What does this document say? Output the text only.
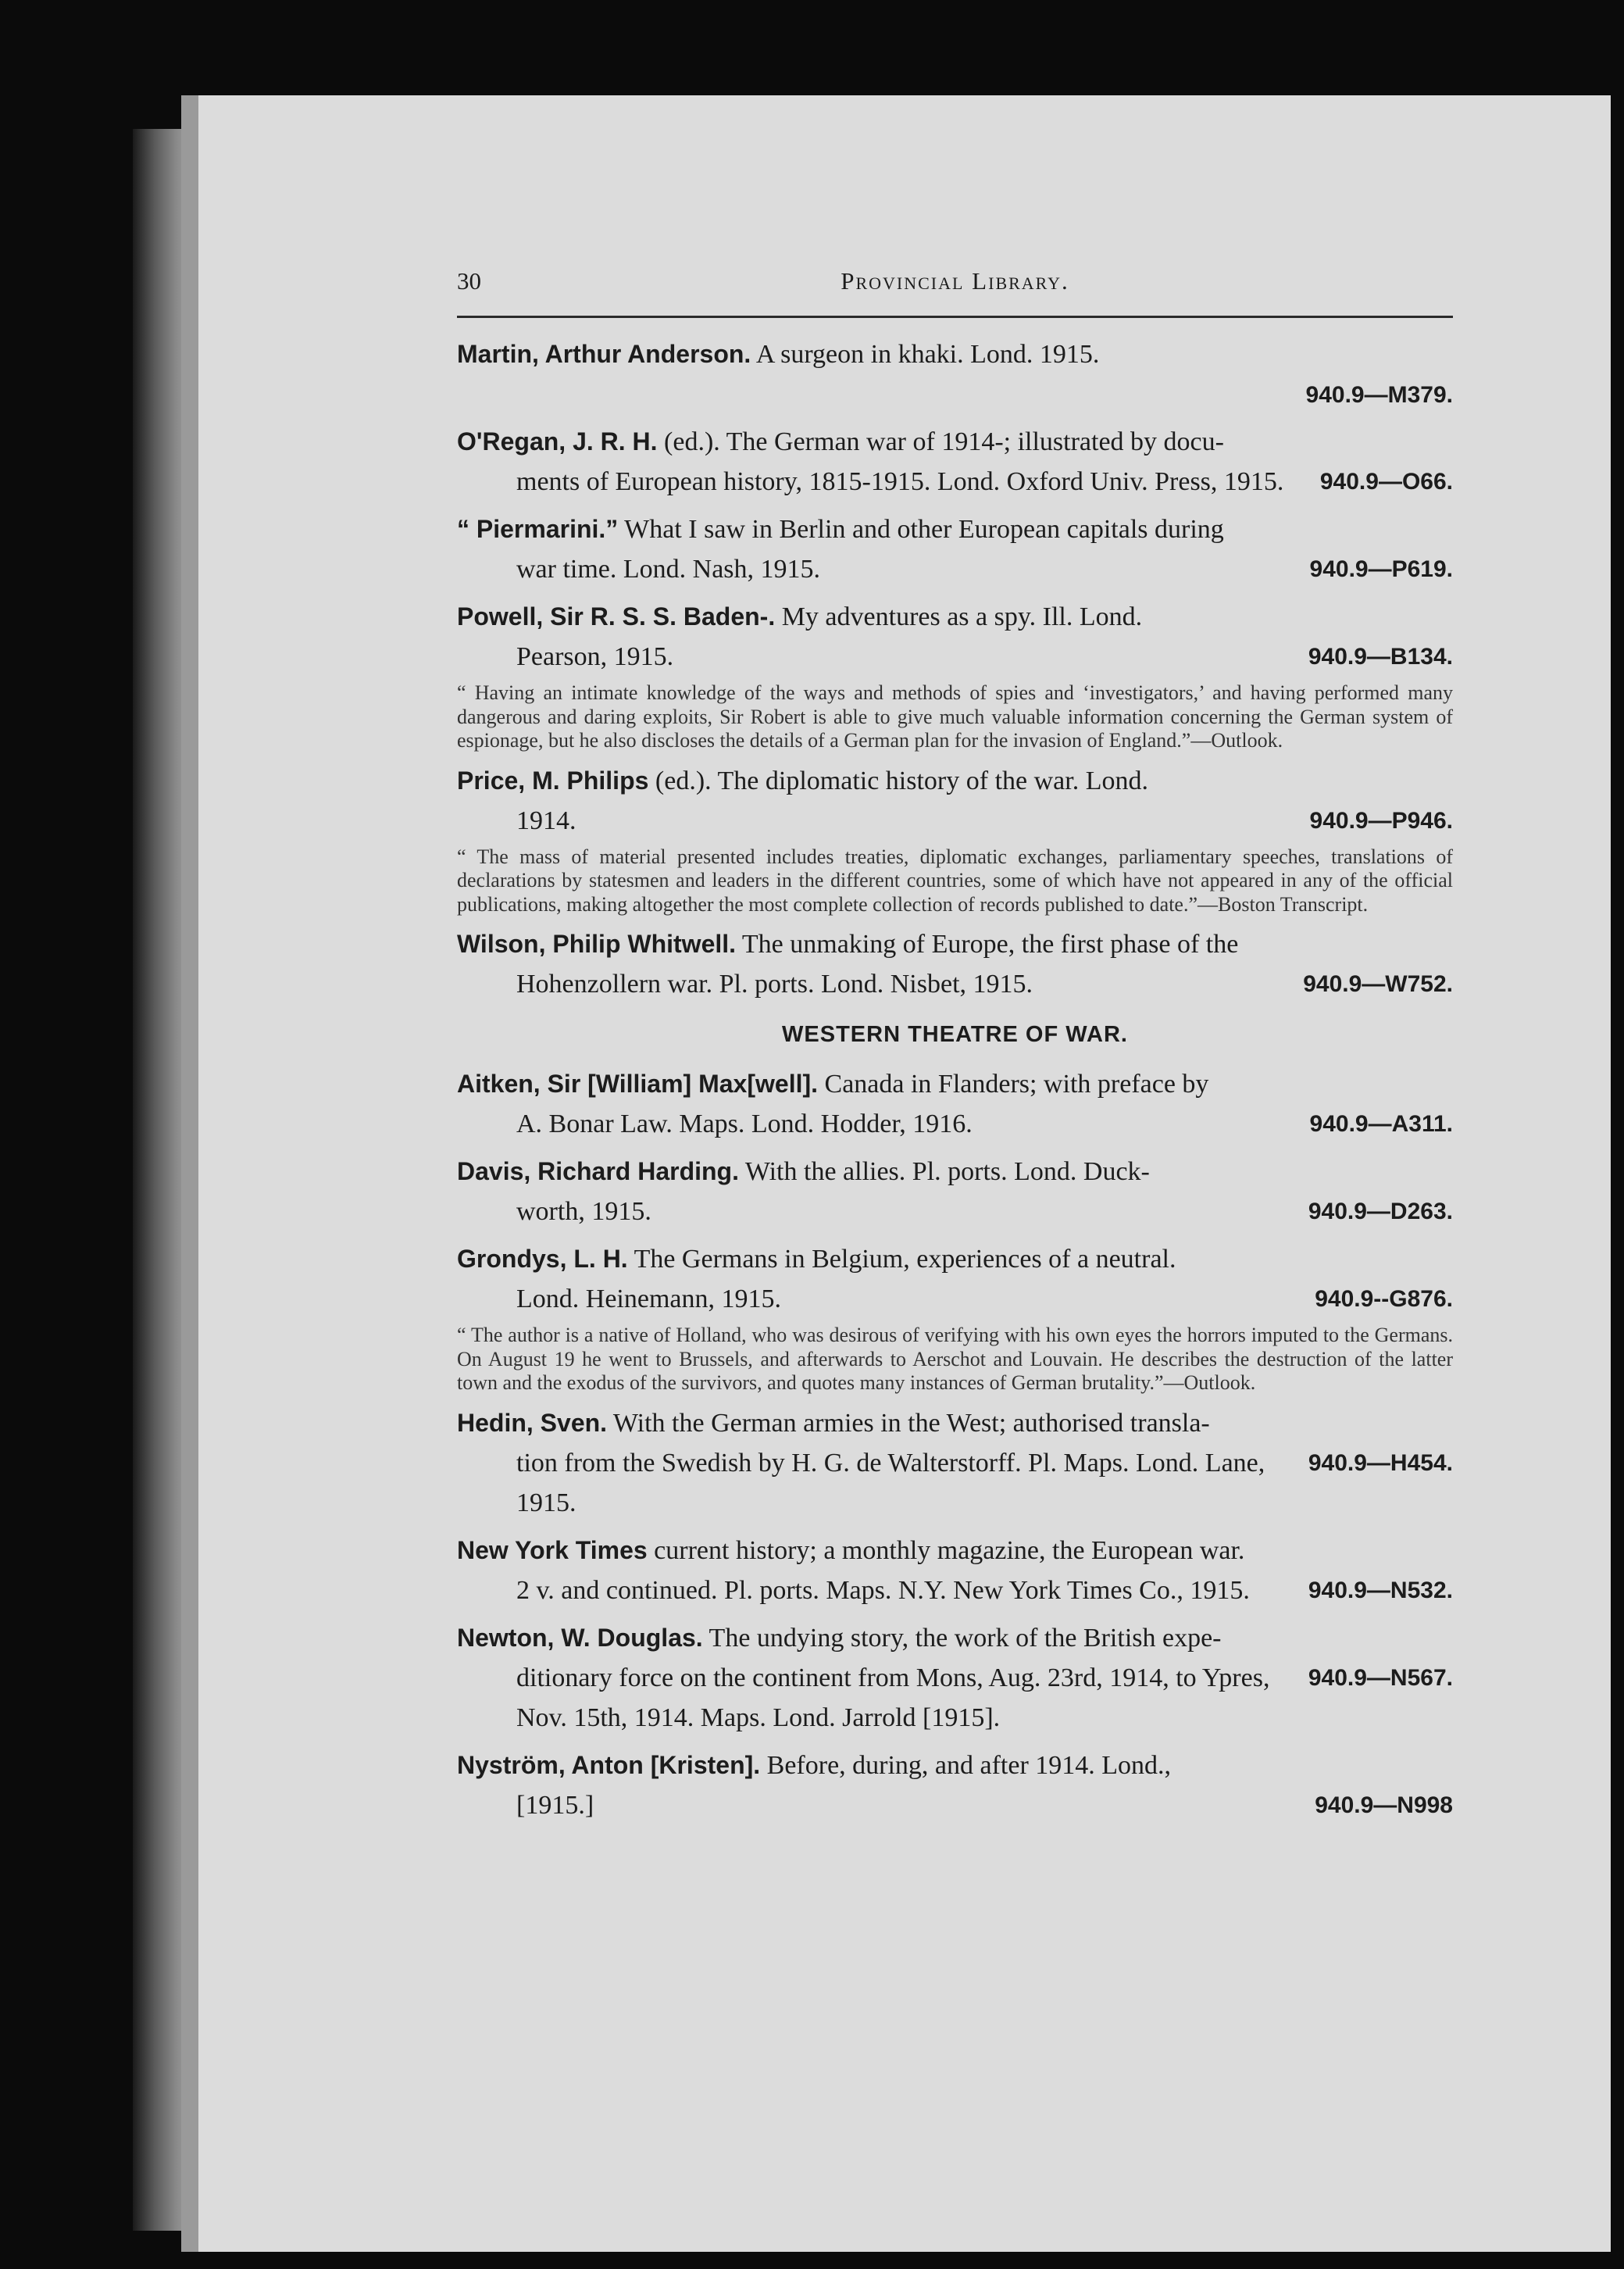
30	Provincial Library.
Martin, Arthur Anderson. A surgeon in khaki. Lond. 1915.
940.9—M379.
O'Regan, J. R. H. (ed.). The German war of 1914-; illustrated by docu-
940.9—O66.
ments of European history, 1815-1915. Lond. Oxford Univ. Press, 1915.
“ Piermarini.” What I saw in Berlin and other European capitals during
940.9—P619.
war time. Lond. Nash, 1915.
Powell, Sir R. S. S. Baden-. My adventures as a spy. Ill. Lond.
940.9—B134.
Pearson, 1915.
“ Having an intimate knowledge of the ways and methods of spies and ‘investigators,’ and having performed many dangerous and daring exploits, Sir Robert is able to give much valuable information concerning the German system of espionage, but he also discloses the details of a German plan for the invasion of England.”—Outlook.
Price, M. Philips (ed.). The diplomatic history of the war. Lond.
940.9—P946.
1914.
“ The mass of material presented includes treaties, diplomatic exchanges, parliamentary speeches, translations of declarations by statesmen and leaders in the different countries, some of which have not appeared in any of the official publications, making altogether the most complete collection of records published to date.”—Boston Transcript.
Wilson, Philip Whitwell. The unmaking of Europe, the first phase of the
940.9—W752.
Hohenzollern war. Pl. ports. Lond. Nisbet, 1915.
WESTERN THEATRE OF WAR.
Aitken, Sir [William] Max[well]. Canada in Flanders; with preface by
940.9—A311.
A. Bonar Law. Maps. Lond. Hodder, 1916.
Davis, Richard Harding. With the allies. Pl. ports. Lond. Duck-
940.9—D263.
worth, 1915.
Grondys, L. H. The Germans in Belgium, experiences of a neutral.
940.9--G876.
Lond. Heinemann, 1915.
“ The author is a native of Holland, who was desirous of verifying with his own eyes the horrors imputed to the Germans. On August 19 he went to Brussels, and afterwards to Aerschot and Louvain. He describes the destruction of the latter town and the exodus of the survivors, and quotes many instances of German brutality.”—Outlook.
Hedin, Sven. With the German armies in the West; authorised transla-
940.9—H454.
tion from the Swedish by H. G. de Walterstorff. Pl. Maps. Lond. Lane, 1915.
New York Times current history; a monthly magazine, the European war.
940.9—N532.
2 v. and continued. Pl. ports. Maps. N.Y. New York Times Co., 1915.
Newton, W. Douglas. The undying story, the work of the British expe-
940.9—N567.
ditionary force on the continent from Mons, Aug. 23rd, 1914, to Ypres, Nov. 15th, 1914. Maps. Lond. Jarrold [1915].
Nyström, Anton [Kristen]. Before, during, and after 1914. Lond.,
940.9—N998
[1915.]
